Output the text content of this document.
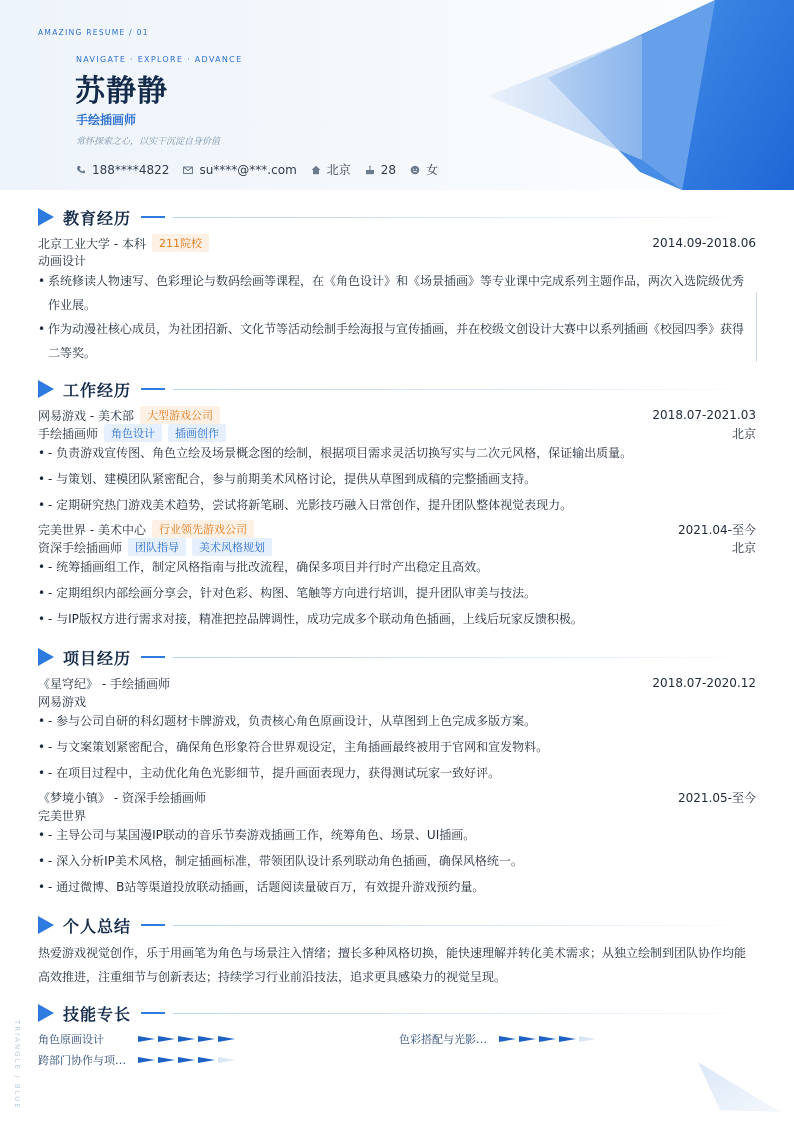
AMAZING RESUME / 01
NAVIGATE · EXPLORE · ADVANCE
苏静静
手绘插画师
常怀探索之心，以实干沉淀自身价值
188****4822	su****@***.com	北京	28	女
教育经历
北京工业大学 - 本科	211院校	2014.09-2018.06
动画设计
• 系统修读人物速写、色彩理论与数码绘画等课程，在《角色设计》和《场景插画》等专业课中完成系列主题作品，两次入选院级优秀作业展。
• 作为动漫社核心成员，为社团招新、文化节等活动绘制手绘海报与宣传插画，并在校级文创设计大赛中以系列插画《校园四季》获得二等奖。
工作经历
网易游戏 - 美术部	大型游戏公司	2018.07-2021.03
手绘插画师	角色设计	插画创作	北京
• - 负责游戏宣传图、角色立绘及场景概念图的绘制，根据项目需求灵活切换写实与二次元风格，保证输出质量。
• - 与策划、建模团队紧密配合，参与前期美术风格讨论，提供从草图到成稿的完整插画支持。
• - 定期研究热门游戏美术趋势，尝试将新笔刷、光影技巧融入日常创作，提升团队整体视觉表现力。
完美世界 - 美术中心	行业领先游戏公司	2021.04-至今
资深手绘插画师	团队指导	美术风格规划	北京
• - 统筹插画组工作，制定风格指南与批改流程，确保多项目并行时产出稳定且高效。
• - 定期组织内部绘画分享会，针对色彩、构图、笔触等方向进行培训，提升团队审美与技法。
• - 与IP版权方进行需求对接，精准把控品牌调性，成功完成多个联动角色插画，上线后玩家反馈积极。
项目经历
《星穹纪》 - 手绘插画师	2018.07-2020.12
网易游戏
• - 参与公司自研的科幻题材卡牌游戏，负责核心角色原画设计，从草图到上色完成多版方案。
• - 与文案策划紧密配合，确保角色形象符合世界观设定，主角插画最终被用于官网和宣发物料。
• - 在项目过程中，主动优化角色光影细节，提升画面表现力，获得测试玩家一致好评。
《梦境小镇》 - 资深手绘插画师	2021.05-至今
完美世界
• - 主导公司与某国漫IP联动的音乐节奏游戏插画工作，统筹角色、场景、UI插画。
• - 深入分析IP美术风格，制定插画标准，带领团队设计系列联动角色插画，确保风格统一。
• - 通过微博、B站等渠道投放联动插画，话题阅读量破百万，有效提升游戏预约量。
个人总结
热爱游戏视觉创作，乐于用画笔为角色与场景注入情绪；擅长多种风格切换，能快速理解并转化美术需求；从独立绘制到团队协作均能高效推进，注重细节与创新表达；持续学习行业前沿技法，追求更具感染力的视觉呈现。
技能专长
角色原画设计	色彩搭配与光影…
跨部门协作与项…
TRIANGLE / BLUE
